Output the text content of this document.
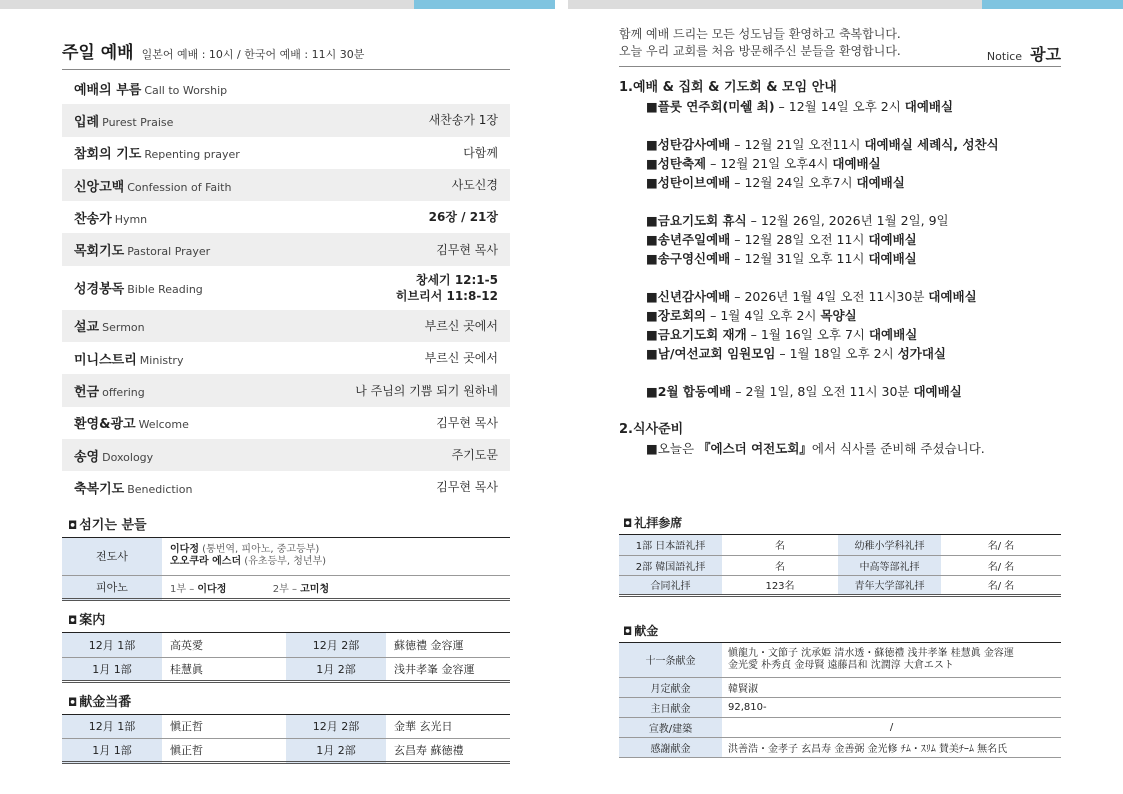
주일 예배 일본어 예배 : 10시 / 한국어 예배 : 11시 30분
예배의 부름 Call to Worship
입례 Purest Praise	새찬송가 1장
참회의 기도 Repenting prayer	다함께
신앙고백 Confession of Faith	사도신경
찬송가 Hymn	26장 / 21장
목회기도 Pastoral Prayer	김무현 목사
성경봉독 Bible Reading
창세기 12:1-5
히브리서 11:8-12
설교 Sermon	부르신 곳에서
미니스트리 Ministry	부르신 곳에서
헌금 offering	나 주님의 기쁨 되기 원하네
환영&광고 Welcome	김무현 목사
송영 Doxology	주기도문
축복기도 Benediction	김무현 목사
◘ 섬기는 분들
전도사	이다정 (통번역, 피아노, 중고등부)
오오쿠라 에스더 (유초등부, 청년부)
피아노	1부 – 이다정 2부 – 고미청
◘ 案内
12月 1部	高英愛	12月 2部	蘇徳禮 金容運
1月 1部	桂慧眞	1月 2部	浅井孝峯 金容運
◘ 献金当番
12月 1部	愼正哲	12月 2部	金華 玄光日
1月 1部	愼正哲	1月 2部	玄昌寿 蘇徳禮
함께 예배 드리는 모든 성도님들 환영하고 축복합니다.
오늘 우리 교회를 처음 방문해주신 분들을 환영합니다.	Notice 광고
1.예배 & 집회 & 기도회 & 모임 안내
■플룻 연주회(미쉘 최) – 12월 14일 오후 2시 대예배실
■성탄감사예배 – 12월 21일 오전11시 대예배실 세례식, 성찬식
■성탄축제 – 12월 21일 오후4시 대예배실
■성탄이브예배 – 12월 24일 오후7시 대예배실
■금요기도회 휴식 – 12월 26일, 2026년 1월 2일, 9일
■송년주일예배 – 12월 28일 오전 11시 대예배실
■송구영신예배 – 12월 31일 오후 11시 대예배실
■신년감사예배 – 2026년 1월 4일 오전 11시30분 대예배실
■장로회의 – 1월 4일 오후 2시 목양실
■금요기도회 재개 – 1월 16일 오후 7시 대예배실
■남/여선교회 임원모임 – 1월 18일 오후 2시 성가대실
■2월 합동예배 – 2월 1일, 8일 오전 11시 30분 대예배실
2.식사준비
■오늘은 『에스더 여전도회』에서 식사를 준비해 주셨습니다.
◘ 礼拝参席
1部 日本語礼拝	名	幼稚小学科礼拝	名/ 名
2部 韓国語礼拝	名	中高等部礼拝	名/ 名
合同礼拝	123名	青年大学部礼拝	名/ 名
◘ 献金
十一条献金	愼龍九・文節子 沈承姫 清水透・蘇徳禮 浅井孝峯 桂慧眞 金容運
金光愛 朴秀貞 金母賢 遠藤昌和 沈潤淳 大倉エスト

月定献金	韓賢淑

主日献金	92,810-

宣教/建築	/

感謝献金	洪善浩・金孝子 玄昌寿 金善弼 金光修 ﾁﾑ・ｽﾘﾑ 賛美ﾁｰﾑ 無名氏
